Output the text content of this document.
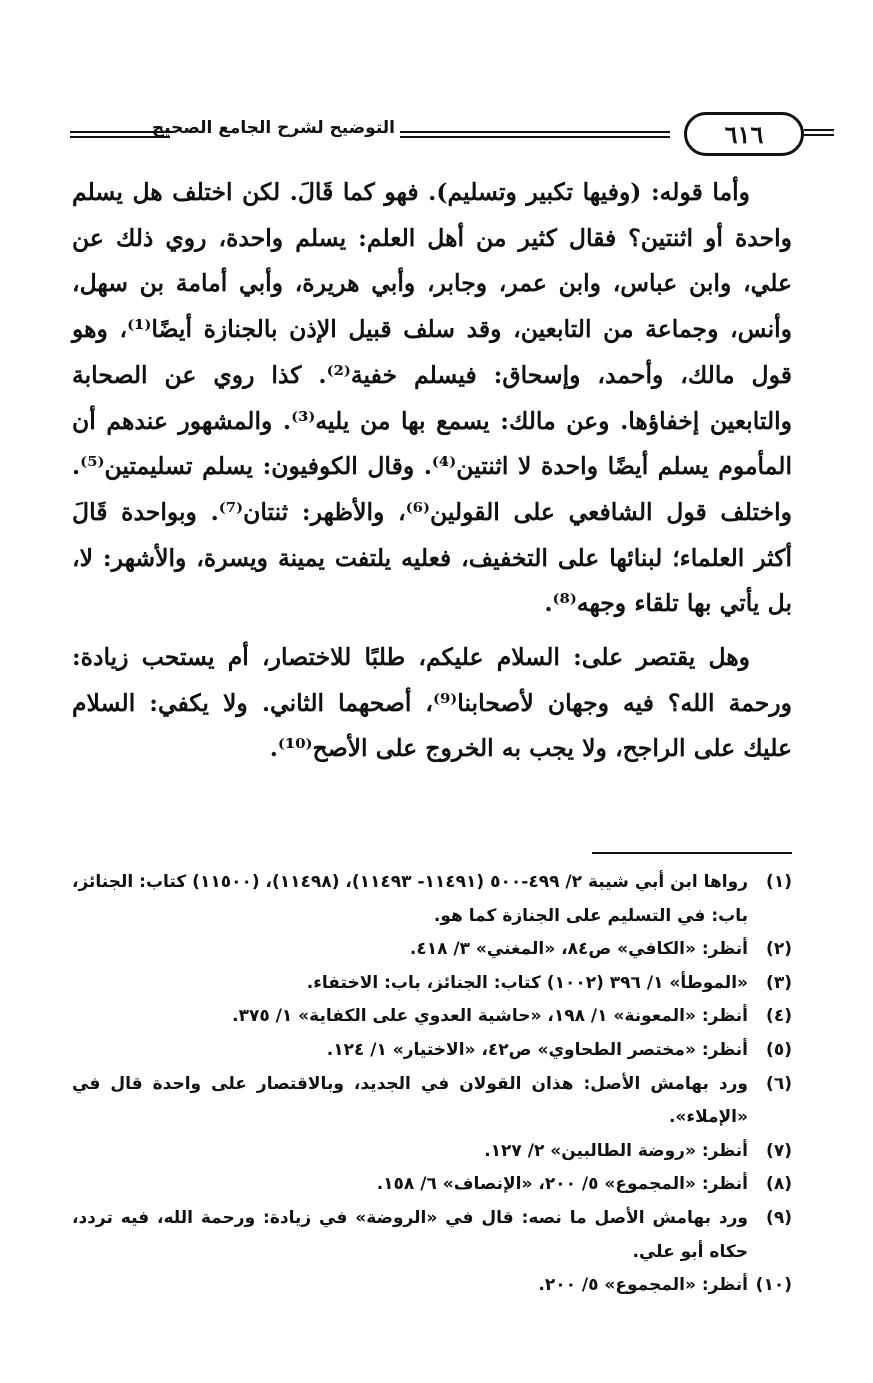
التوضيح لشرح الجامع الصحيح	٦١٦

وأما قوله: (وفيها تكبير وتسليم). فهو كما قَالَ. لكن اختلف هل يسلم واحدة أو اثنتين؟ فقال كثير من أهل العلم: يسلم واحدة، روي ذلك عن علي، وابن عباس، وابن عمر، وجابر، وأبي هريرة، وأبي أمامة بن سهل، وأنس، وجماعة من التابعين، وقد سلف قبيل الإذن بالجنازة أيضًا⁽¹⁾، وهو قول مالك، وأحمد، وإسحاق: فيسلم خفية⁽²⁾. كذا روي عن الصحابة والتابعين إخفاؤها. وعن مالك: يسمع بها من يليه⁽³⁾. والمشهور عندهم أن المأموم يسلم أيضًا واحدة لا اثنتين⁽⁴⁾. وقال الكوفيون: يسلم تسليمتين⁽⁵⁾. واختلف قول الشافعي على القولين⁽⁶⁾، والأظهر: ثنتان⁽⁷⁾. وبواحدة قَالَ أكثر العلماء؛ لبنائها على التخفيف، فعليه يلتفت يمينة ويسرة، والأشهر: لا، بل يأتي بها تلقاء وجهه⁽⁸⁾.

وهل يقتصر على: السلام عليكم، طلبًا للاختصار، أم يستحب زيادة: ورحمة الله؟ فيه وجهان لأصحابنا⁽⁹⁾، أصحهما الثاني. ولا يكفي: السلام عليك على الراجح، ولا يجب به الخروج على الأصح⁽¹⁰⁾.

(١)
رواها ابن أبي شيبة ٢/ ٤٩٩-٥٠٠ (١١٤٩١- ١١٤٩٣)، (١١٤٩٨)، (١١٥٠٠) كتاب: الجنائز، باب: في التسليم على الجنازة كما هو.
(٢)
أنظر: «الكافي» ص٨٤، «المغني» ٣/ ٤١٨.
(٣)
«الموطأ» ١/ ٣٩٦ (١٠٠٢) كتاب: الجنائز، باب: الاختفاء.
(٤)
أنظر: «المعونة» ١/ ١٩٨، «حاشية العدوي على الكفاية» ١/ ٣٧٥.
(٥)
أنظر: «مختصر الطحاوي» ص٤٢، «الاختيار» ١/ ١٢٤.
(٦)
ورد بهامش الأصل: هذان القولان في الجديد، وبالاقتصار على واحدة قال في «الإملاء».
(٧)
أنظر: «روضة الطالبين» ٢/ ١٢٧.
(٨)
أنظر: «المجموع» ٥/ ٢٠٠، «الإنصاف» ٦/ ١٥٨.
(٩)
ورد بهامش الأصل ما نصه: قال في «الروضة» في زيادة: ورحمة الله، فيه تردد، حكاه أبو علي.
(١٠)
أنظر: «المجموع» ٥/ ٢٠٠.
